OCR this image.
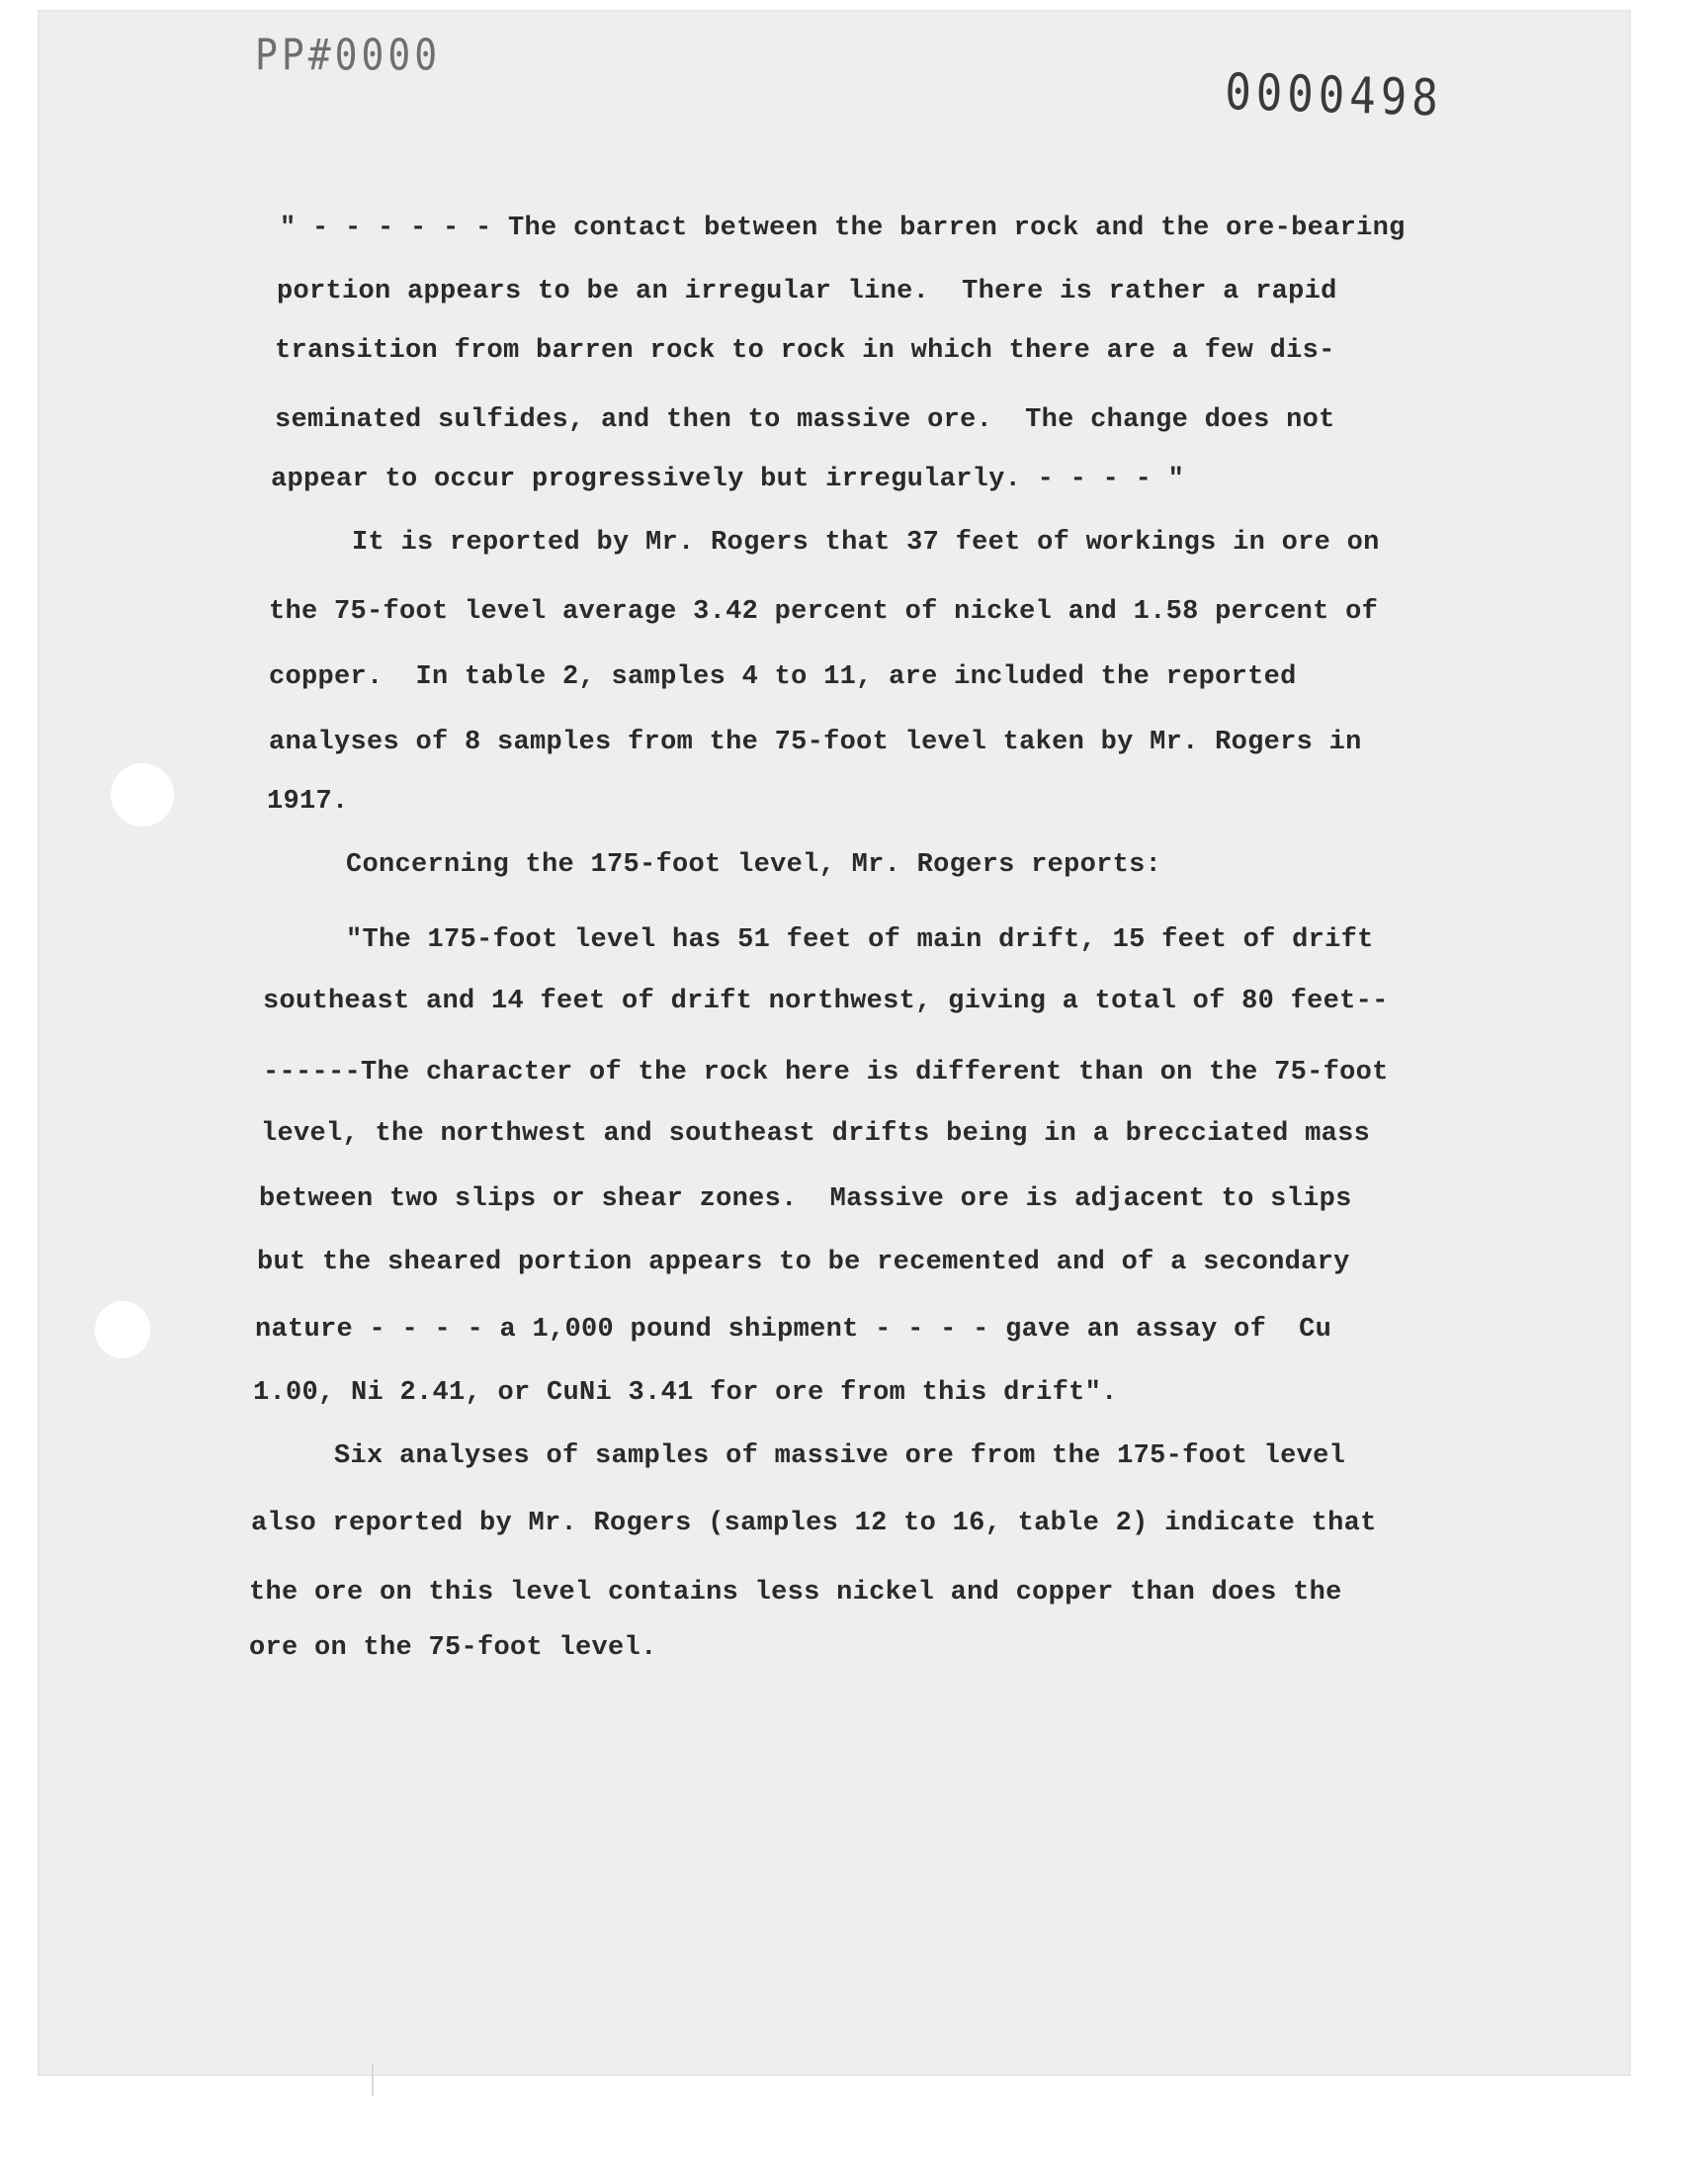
PP#0000
0000498
" - - - - - - The contact between the barren rock and the ore-bearing
portion appears to be an irregular line.  There is rather a rapid
transition from barren rock to rock in which there are a few dis-
seminated sulfides, and then to massive ore.  The change does not
appear to occur progressively but irregularly. - - - - "
It is reported by Mr. Rogers that 37 feet of workings in ore on
the 75-foot level average 3.42 percent of nickel and 1.58 percent of
copper.  In table 2, samples 4 to 11, are included the reported
analyses of 8 samples from the 75-foot level taken by Mr. Rogers in
1917.
Concerning the 175-foot level, Mr. Rogers reports:
"The 175-foot level has 51 feet of main drift, 15 feet of drift
southeast and 14 feet of drift northwest, giving a total of 80 feet--
------The character of the rock here is different than on the 75-foot
level, the northwest and southeast drifts being in a brecciated mass
between two slips or shear zones.  Massive ore is adjacent to slips
but the sheared portion appears to be recemented and of a secondary
nature - - - - a 1,000 pound shipment - - - - gave an assay of  Cu
1.00, Ni 2.41, or CuNi 3.41 for ore from this drift".
Six analyses of samples of massive ore from the 175-foot level
also reported by Mr. Rogers (samples 12 to 16, table 2) indicate that
the ore on this level contains less nickel and copper than does the
ore on the 75-foot level.
